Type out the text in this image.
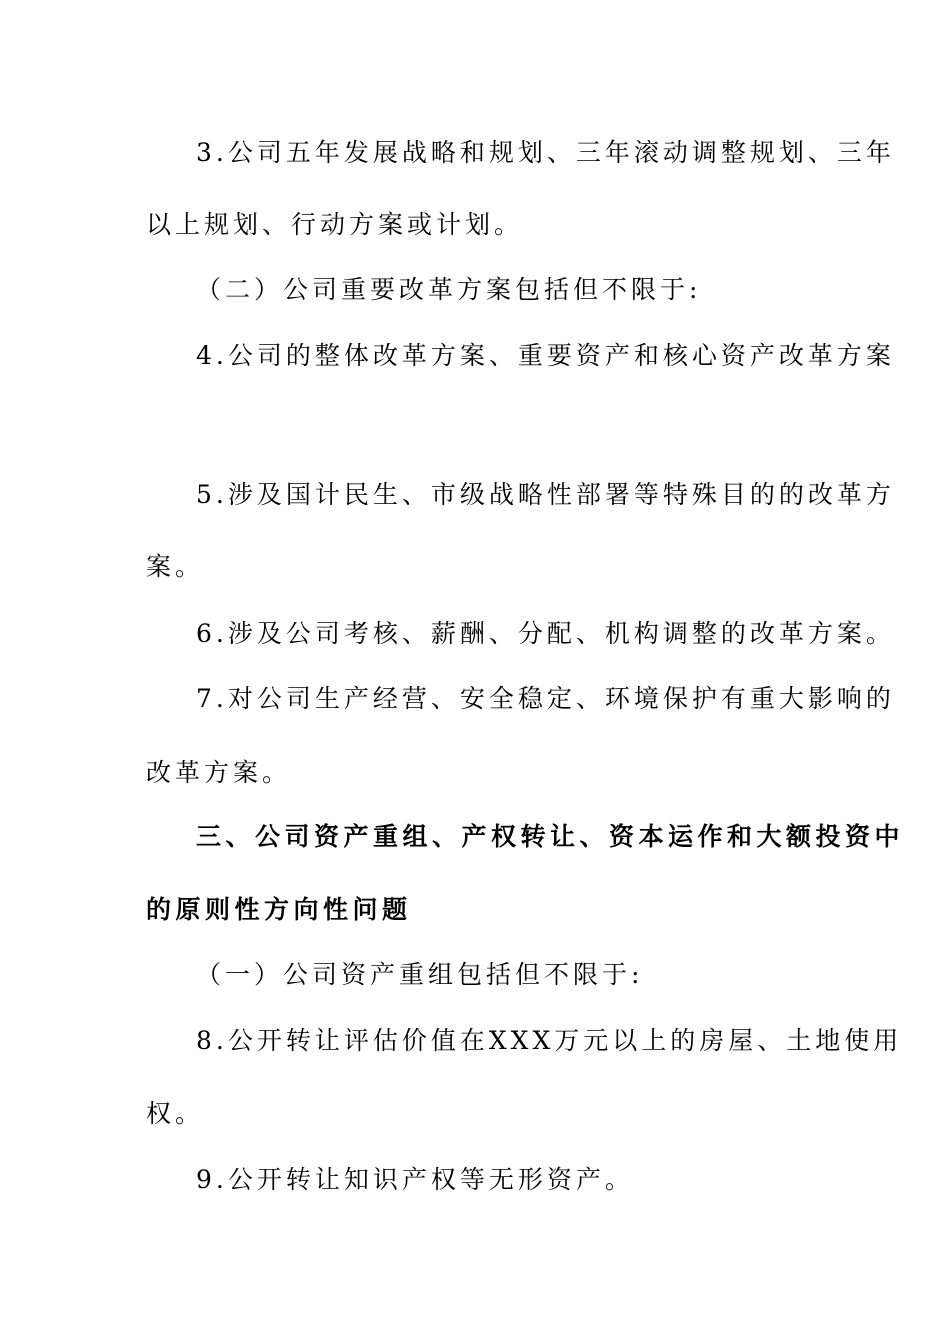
3.公司五年发展战略和规划、三年滚动调整规划、三年
以上规划、行动方案或计划。
（二）公司重要改革方案包括但不限于:
4.公司的整体改革方案、重要资产和核心资产改革方案
5.涉及国计民生、市级战略性部署等特殊目的的改革方
案。
6.涉及公司考核、薪酬、分配、机构调整的改革方案。
7.对公司生产经营、安全稳定、环境保护有重大影响的
改革方案。
三、公司资产重组、产权转让、资本运作和大额投资中
的原则性方向性问题
（一）公司资产重组包括但不限于:
8.公开转让评估价值在XXX万元以上的房屋、土地使用
权。
9.公开转让知识产权等无形资产。
